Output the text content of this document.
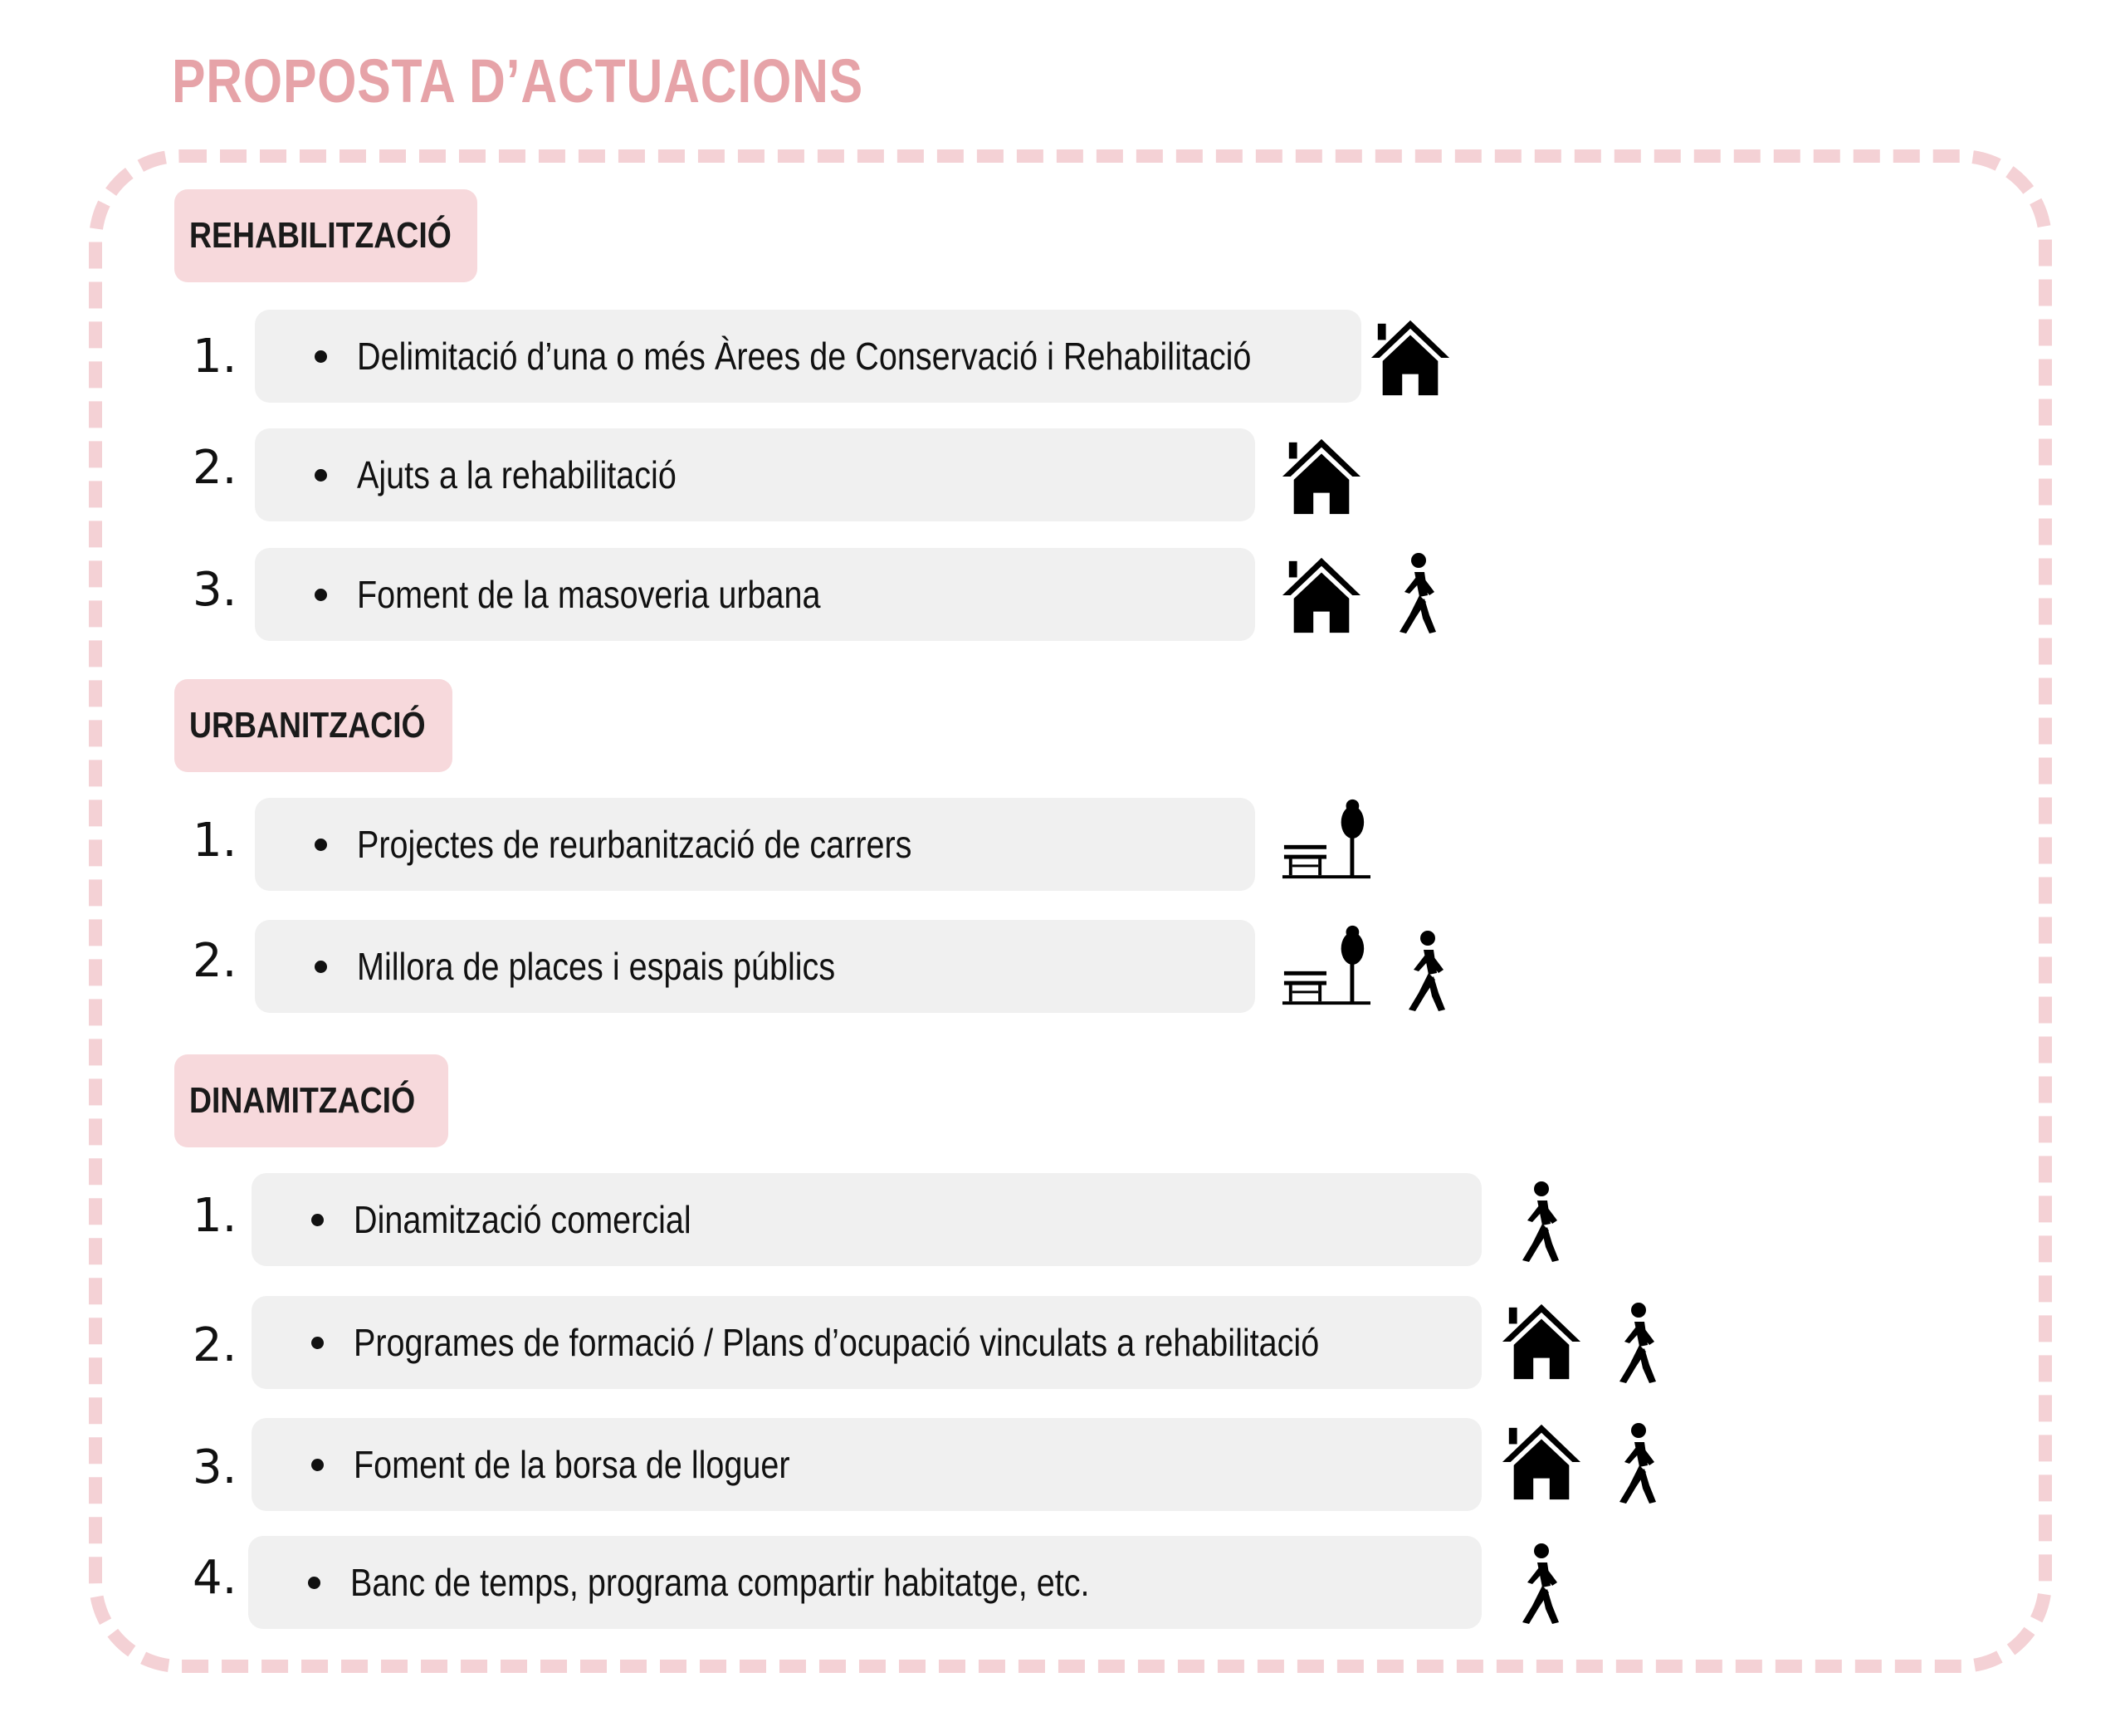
PROPOSTA D’ACTUACIONS
REHABILITZACIÓ
1.	Delimitació d’una o més Àrees de Conservació i Rehabilitació
2.	Ajuts a la rehabilitació
3.	Foment de la masoveria urbana
URBANITZACIÓ
1.	Projectes de reurbanització de carrers
2.	Millora de places i espais públics
DINAMITZACIÓ
1.	Dinamització comercial
2.	Programes de formació / Plans d’ocupació vinculats a rehabilitació
3.	Foment de la borsa de lloguer
4.	Banc de temps, programa compartir habitatge, etc.
